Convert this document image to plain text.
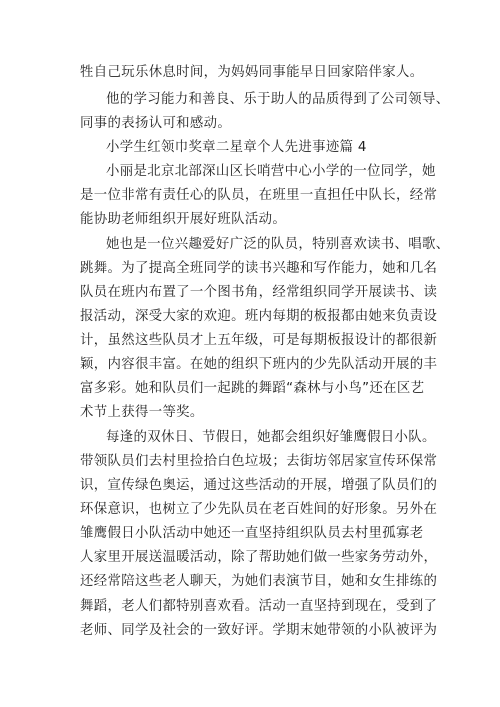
牲自己玩乐休息时间，为妈妈同事能早日回家陪伴家人。
他的学习能力和善良、乐于助人的品质得到了公司领导、
同事的表扬认可和感动。
小学生红领巾奖章二星章个人先进事迹篇 4
小丽是北京北部深山区长哨营中心小学的一位同学，她
是一位非常有责任心的队员，在班里一直担任中队长，经常
能协助老师组织开展好班队活动。
她也是一位兴趣爱好广泛的队员，特别喜欢读书、唱歌、
跳舞。为了提高全班同学的读书兴趣和写作能力，她和几名
队员在班内布置了一个图书角，经常组织同学开展读书、读
报活动，深受大家的欢迎。班内每期的板报都由她来负责设
计，虽然这些队员才上五年级，可是每期板报设计的都很新
颖，内容很丰富。在她的组织下班内的少先队活动开展的丰
富多彩。她和队员们一起跳的舞蹈“森林与小鸟”还在区艺
术节上获得一等奖。
每逢的双休日、节假日，她都会组织好雏鹰假日小队。
带领队员们去村里捡拾白色垃圾；去街坊邻居家宣传环保常
识，宣传绿色奥运，通过这些活动的开展，增强了队员们的
环保意识，也树立了少先队员在老百姓间的好形象。另外在
雏鹰假日小队活动中她还一直坚持组织队员去村里孤寡老
人家里开展送温暖活动，除了帮助她们做一些家务劳动外，
还经常陪这些老人聊天，为她们表演节目，她和女生排练的
舞蹈，老人们都特别喜欢看。活动一直坚持到现在，受到了
老师、同学及社会的一致好评。学期末她带领的小队被评为
